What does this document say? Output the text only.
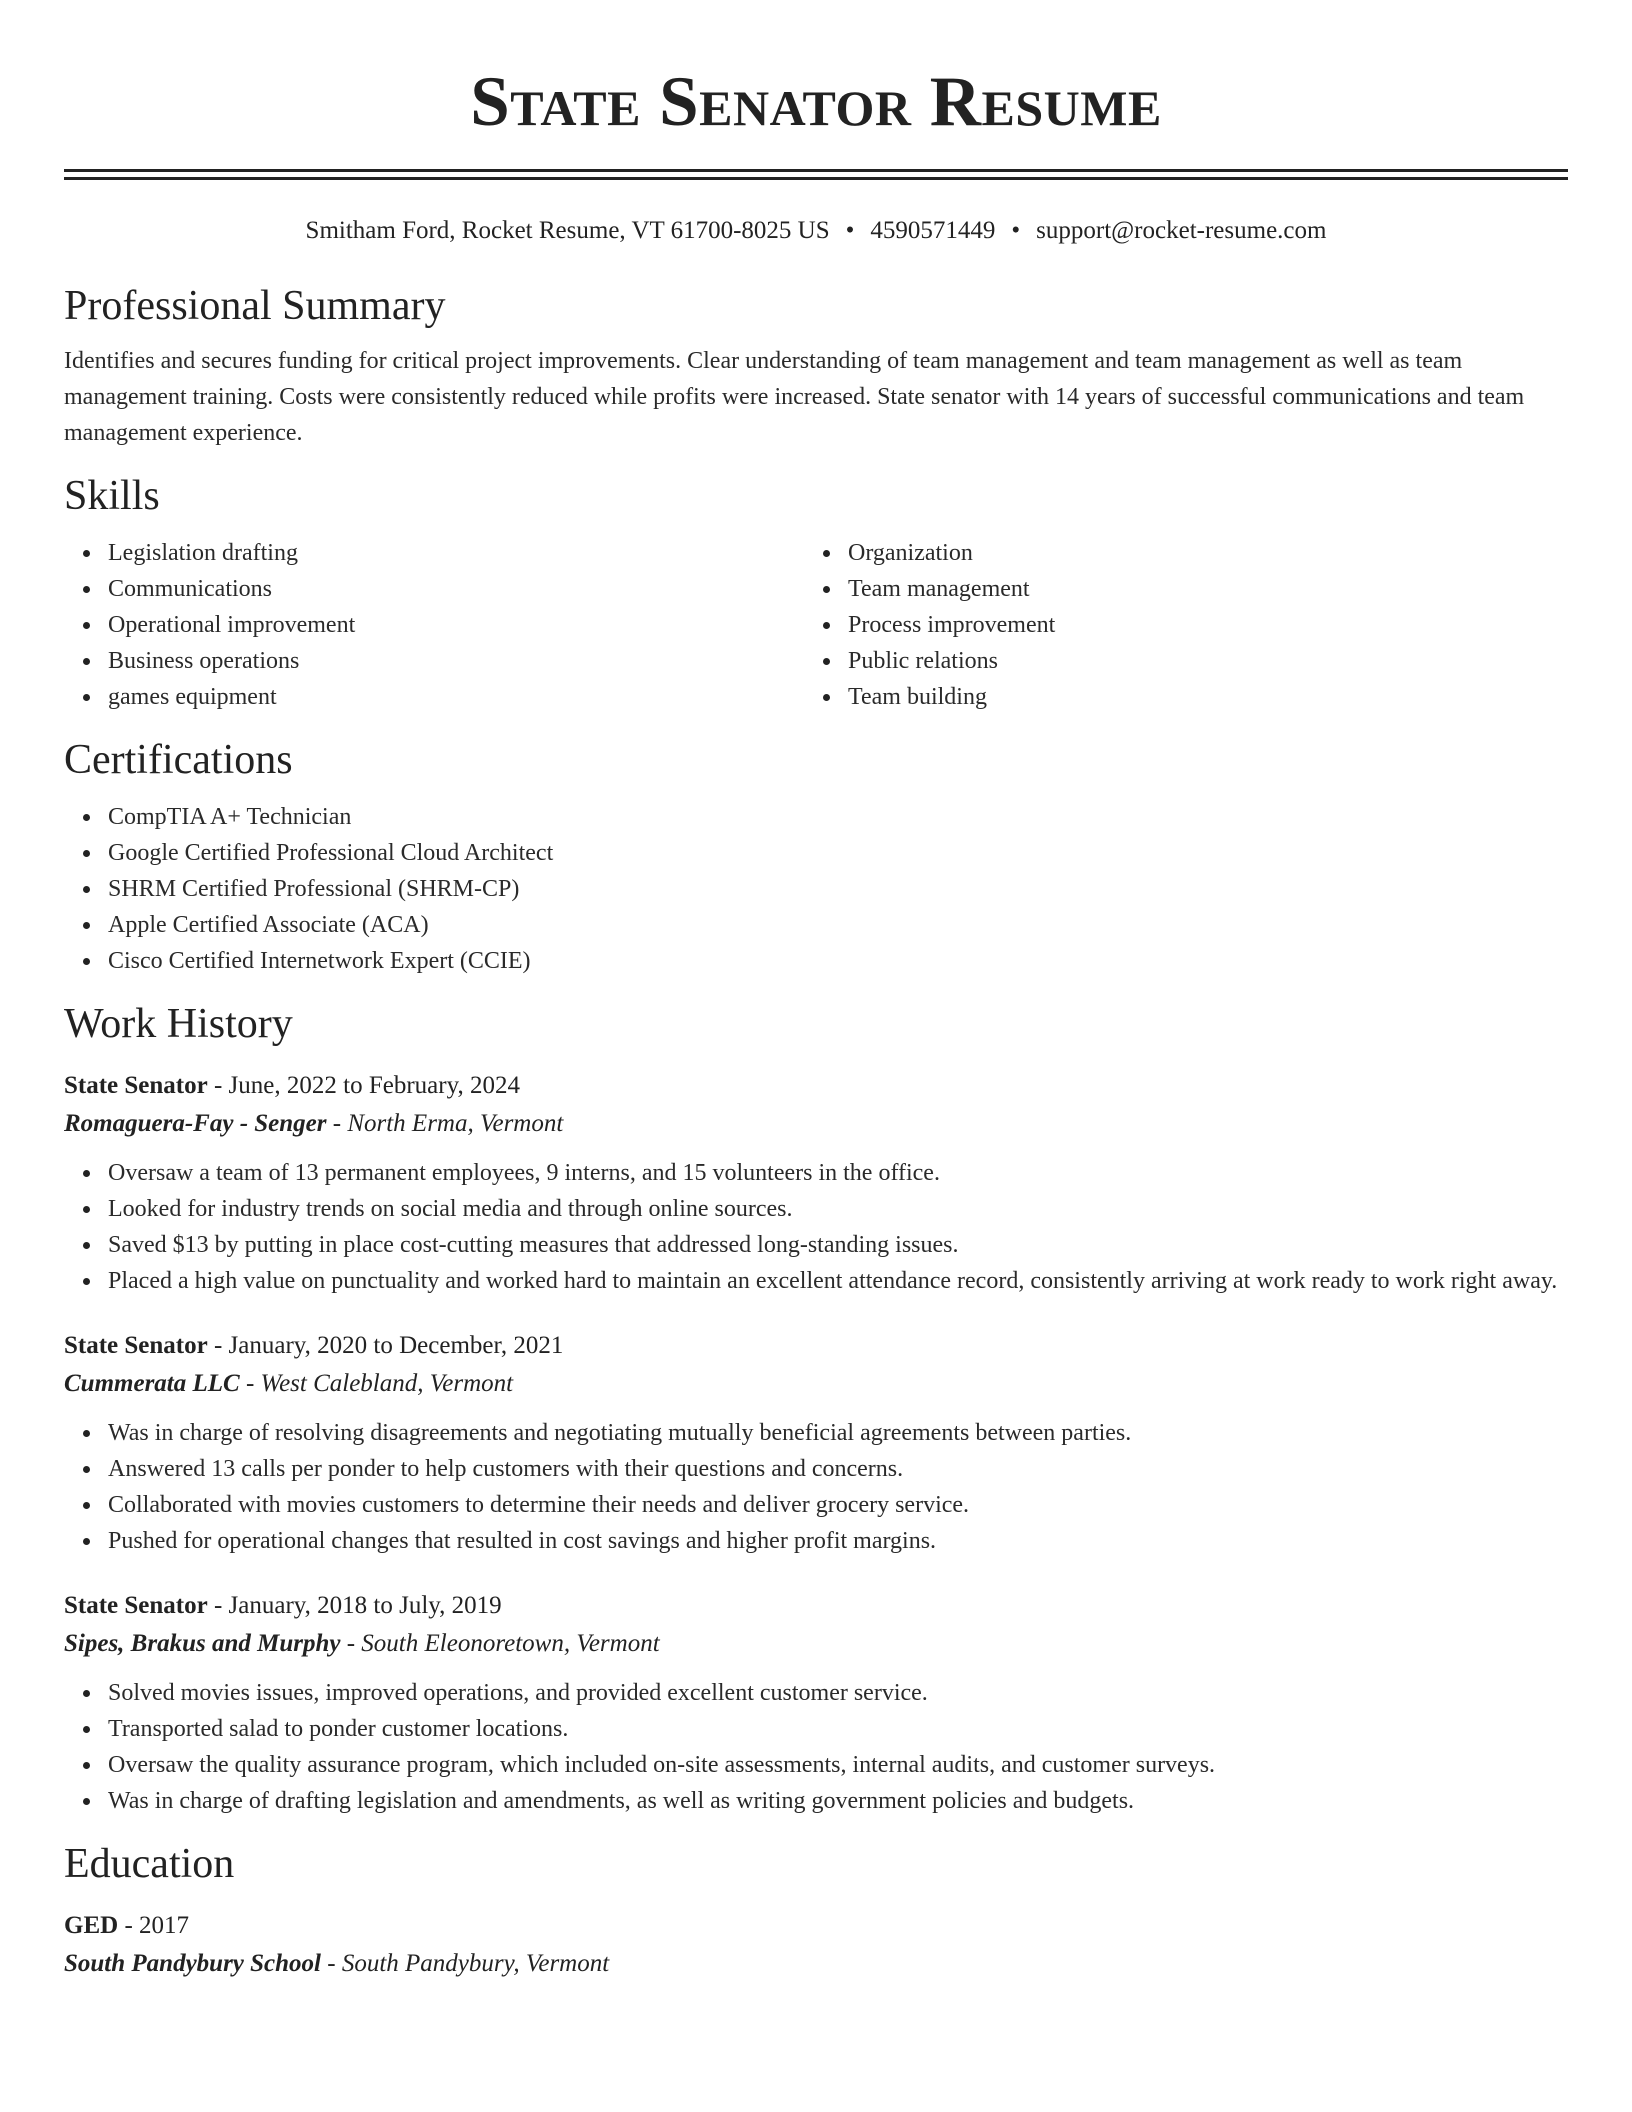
State Senator Resume
Smitham Ford, Rocket Resume, VT 61700-8025 US • 4590571449 • support@rocket-resume.com
Professional Summary

Identifies and secures funding for critical project improvements. Clear understanding of team management and team management as well as team management training. Costs were consistently reduced while profits were increased. State senator with 14 years of successful communications and team management experience.

Skills
Legislation drafting
Communications
Operational improvement
Business operations
games equipment
Organization
Team management
Process improvement
Public relations
Team building
Certifications
CompTIA A+ Technician
Google Certified Professional Cloud Architect
SHRM Certified Professional (SHRM-CP)
Apple Certified Associate (ACA)
Cisco Certified Internetwork Expert (CCIE)
Work History
State Senator - June, 2022 to February, 2024
Romaguera-Fay - Senger - North Erma, Vermont
Oversaw a team of 13 permanent employees, 9 interns, and 15 volunteers in the office.
Looked for industry trends on social media and through online sources.
Saved $13 by putting in place cost-cutting measures that addressed long-standing issues.
Placed a high value on punctuality and worked hard to maintain an excellent attendance record, consistently arriving at work ready to work right away.
State Senator - January, 2020 to December, 2021
Cummerata LLC - West Calebland, Vermont
Was in charge of resolving disagreements and negotiating mutually beneficial agreements between parties.
Answered 13 calls per ponder to help customers with their questions and concerns.
Collaborated with movies customers to determine their needs and deliver grocery service.
Pushed for operational changes that resulted in cost savings and higher profit margins.
State Senator - January, 2018 to July, 2019
Sipes, Brakus and Murphy - South Eleonoretown, Vermont
Solved movies issues, improved operations, and provided excellent customer service.
Transported salad to ponder customer locations.
Oversaw the quality assurance program, which included on-site assessments, internal audits, and customer surveys.
Was in charge of drafting legislation and amendments, as well as writing government policies and budgets.
Education
GED - 2017
South Pandybury School - South Pandybury, Vermont
